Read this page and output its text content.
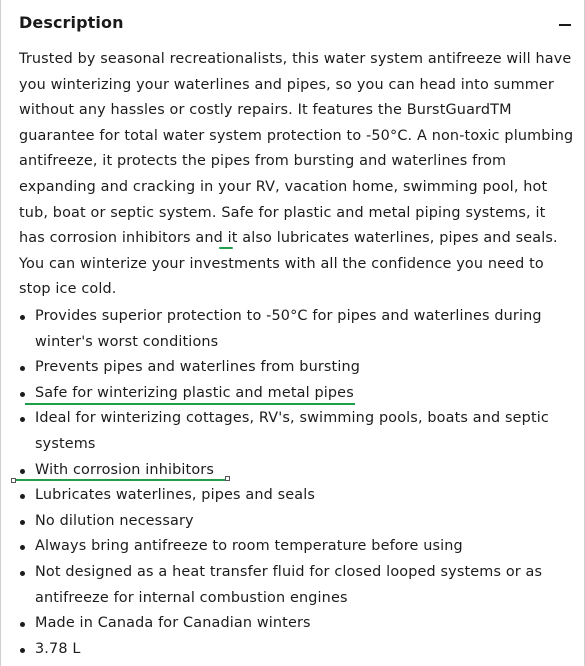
Description

Trusted by seasonal recreationalists, this water system antifreeze will have you winterizing your waterlines and pipes, so you can head into summer without any hassles or costly repairs. It features the BurstGuardTM guarantee for total water system protection to -50°C. A non-toxic plumbing antifreeze, it protects the pipes from bursting and waterlines from expanding and cracking in your RV, vacation home, swimming pool, hot tub, boat or septic system. Safe for plastic and metal piping systems, it has corrosion inhibitors and it also lubricates waterlines, pipes and seals. You can winterize your investments with all the confidence you need to stop ice cold.

Provides superior protection to -50°C for pipes and waterlines during winter's worst conditions
Prevents pipes and waterlines from bursting
Safe for winterizing plastic and metal pipes
Ideal for winterizing cottages, RV's, swimming pools, boats and septic systems
With corrosion inhibitors
Lubricates waterlines, pipes and seals
No dilution necessary
Always bring antifreeze to room temperature before using
Not designed as a heat transfer fluid for closed looped systems or as antifreeze for internal combustion engines
Made in Canada for Canadian winters
3.78 L
